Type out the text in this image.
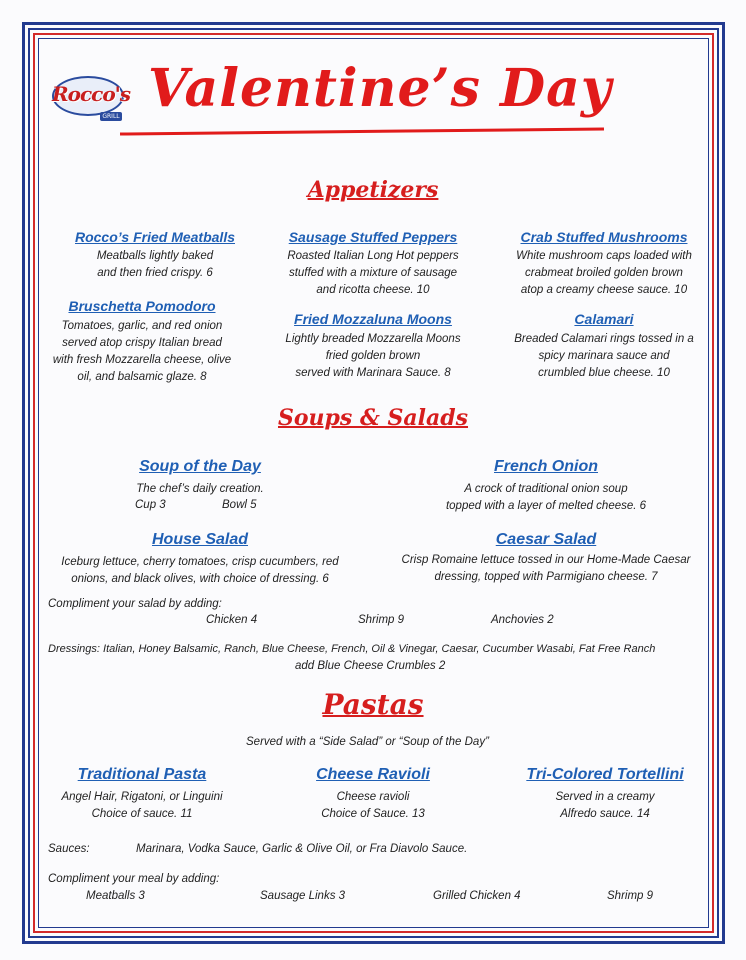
Rocco's
GRILL Valentine’s Day
Appetizers
Rocco’s Fried Meatballs
Meatballs lightly baked
and then fried crispy. 6
Sausage Stuffed Peppers
Roasted Italian Long Hot peppers
stuffed with a mixture of sausage
and ricotta cheese. 10
Crab Stuffed Mushrooms
White mushroom caps loaded with
crabmeat broiled golden brown
atop a creamy cheese sauce. 10
Bruschetta Pomodoro
Tomatoes, garlic, and red onion
served atop crispy Italian bread
with fresh Mozzarella cheese, olive
oil, and balsamic glaze. 8
Fried Mozzaluna Moons
Lightly breaded Mozzarella Moons
fried golden brown
served with Marinara Sauce. 8
Calamari
Breaded Calamari rings tossed in a
spicy marinara sauce and
crumbled blue cheese. 10
Soups & Salads
Soup of the Day
The chef’s daily creation.
Cup 3	Bowl 5
French Onion
A crock of traditional onion soup
topped with a layer of melted cheese. 6
House Salad
Iceburg lettuce, cherry tomatoes, crisp cucumbers, red
onions, and black olives, with choice of dressing. 6
Caesar Salad
Crisp Romaine lettuce tossed in our Home-Made Caesar
dressing, topped with Parmigiano cheese. 7
Compliment your salad by adding:
Chicken 4	Shrimp 9	Anchovies 2
Dressings: Italian, Honey Balsamic, Ranch, Blue Cheese, French, Oil & Vinegar, Caesar, Cucumber Wasabi, Fat Free Ranch
add Blue Cheese Crumbles 2
Pastas
Served with a “Side Salad” or “Soup of the Day”
Traditional Pasta
Angel Hair, Rigatoni, or Linguini
Choice of sauce. 11
Cheese Ravioli
Cheese ravioli
Choice of Sauce. 13
Tri-Colored Tortellini
Served in a creamy
Alfredo sauce. 14
Sauces:	Marinara, Vodka Sauce, Garlic & Olive Oil, or Fra Diavolo Sauce.
Compliment your meal by adding:
Meatballs 3	Sausage Links 3	Grilled Chicken 4	Shrimp 9
